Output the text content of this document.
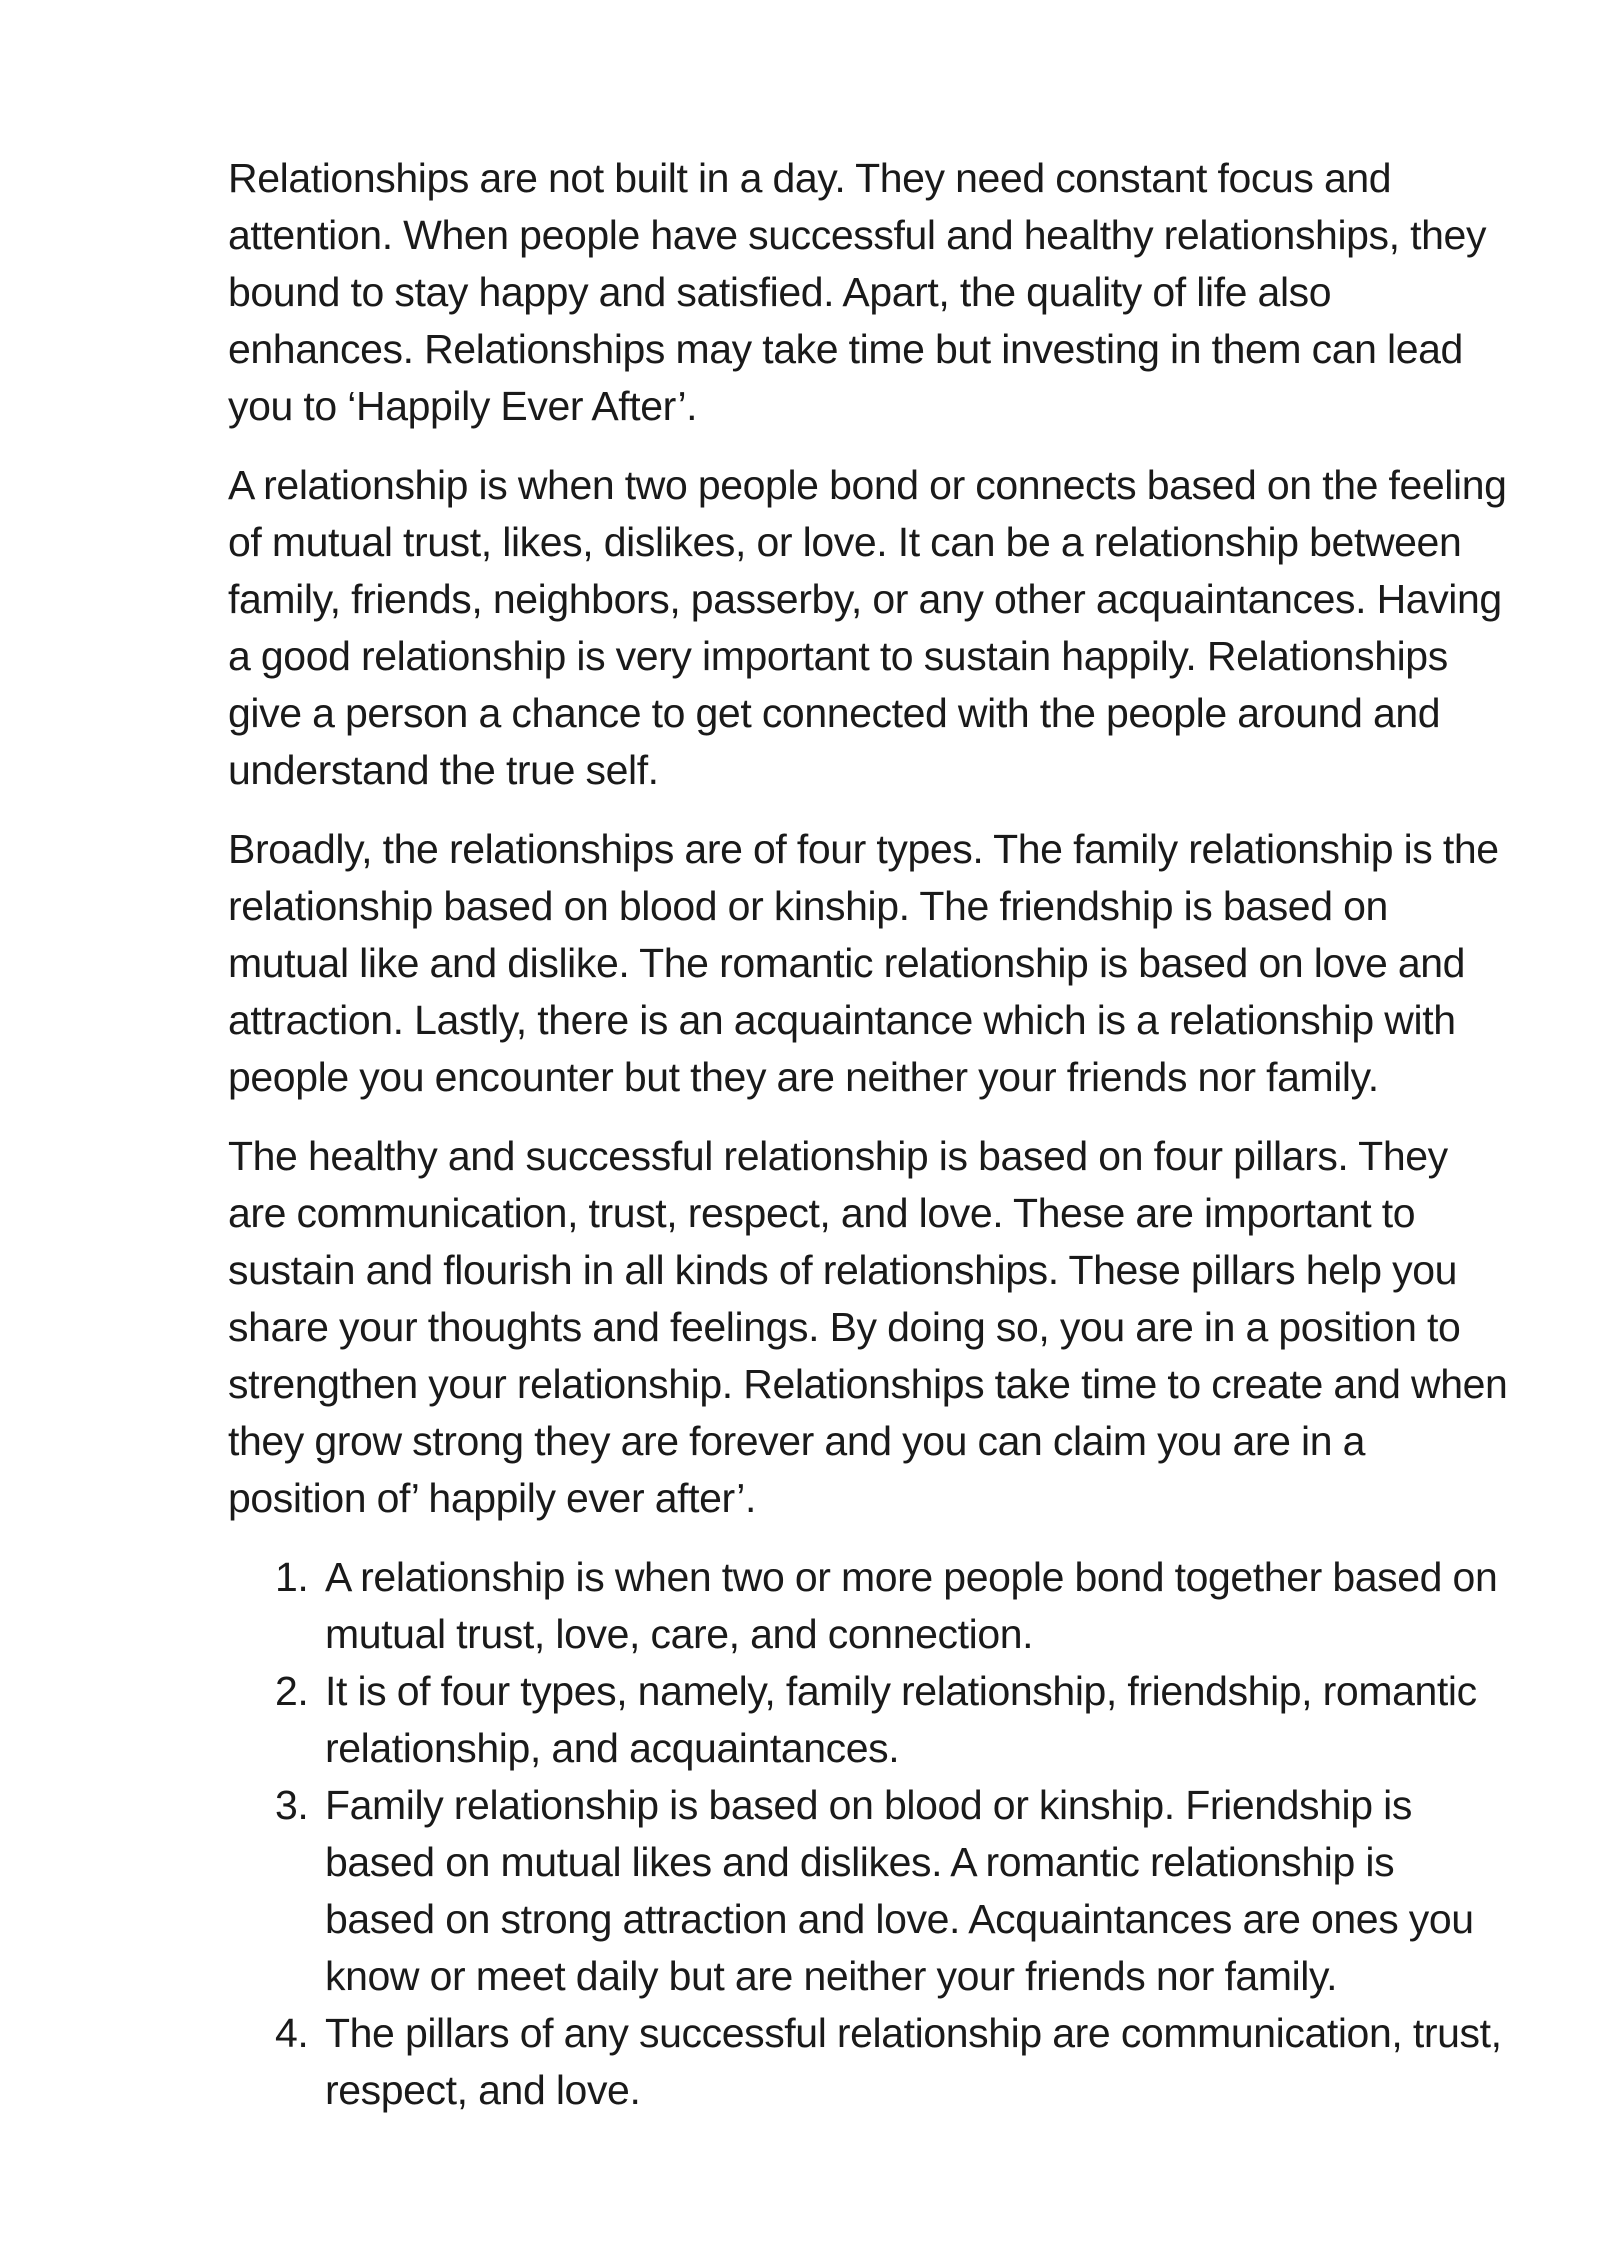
Relationships are not built in a day. They need constant focus and attention. When people have successful and healthy relationships, they bound to stay happy and satisfied. Apart, the quality of life also enhances. Relationships may take time but investing in them can lead you to ‘Happily Ever After’.

A relationship is when two people bond or connects based on the feeling of mutual trust, likes, dislikes, or love. It can be a relationship between family, friends, neighbors, passerby, or any other acquaintances. Having a good relationship is very important to sustain happily. Relationships give a person a chance to get connected with the people around and understand the true self.

Broadly, the relationships are of four types. The family relationship is the relationship based on blood or kinship. The friendship is based on mutual like and dislike. The romantic relationship is based on love and attraction. Lastly, there is an acquaintance which is a relationship with people you encounter but they are neither your friends nor family.

The healthy and successful relationship is based on four pillars. They are communication, trust, respect, and love. These are important to sustain and flourish in all kinds of relationships. These pillars help you share your thoughts and feelings. By doing so, you are in a position to strengthen your relationship. Relationships take time to create and when they grow strong they are forever and you can claim you are in a position of’ happily ever after’.

1. A relationship is when two or more people bond together based on mutual trust, love, care, and connection.
2. It is of four types, namely, family relationship, friendship, romantic relationship, and acquaintances.
3. Family relationship is based on blood or kinship. Friendship is based on mutual likes and dislikes. A romantic relationship is based on strong attraction and love. Acquaintances are ones you know or meet daily but are neither your friends nor family.
4. The pillars of any successful relationship are communication, trust, respect, and love.
